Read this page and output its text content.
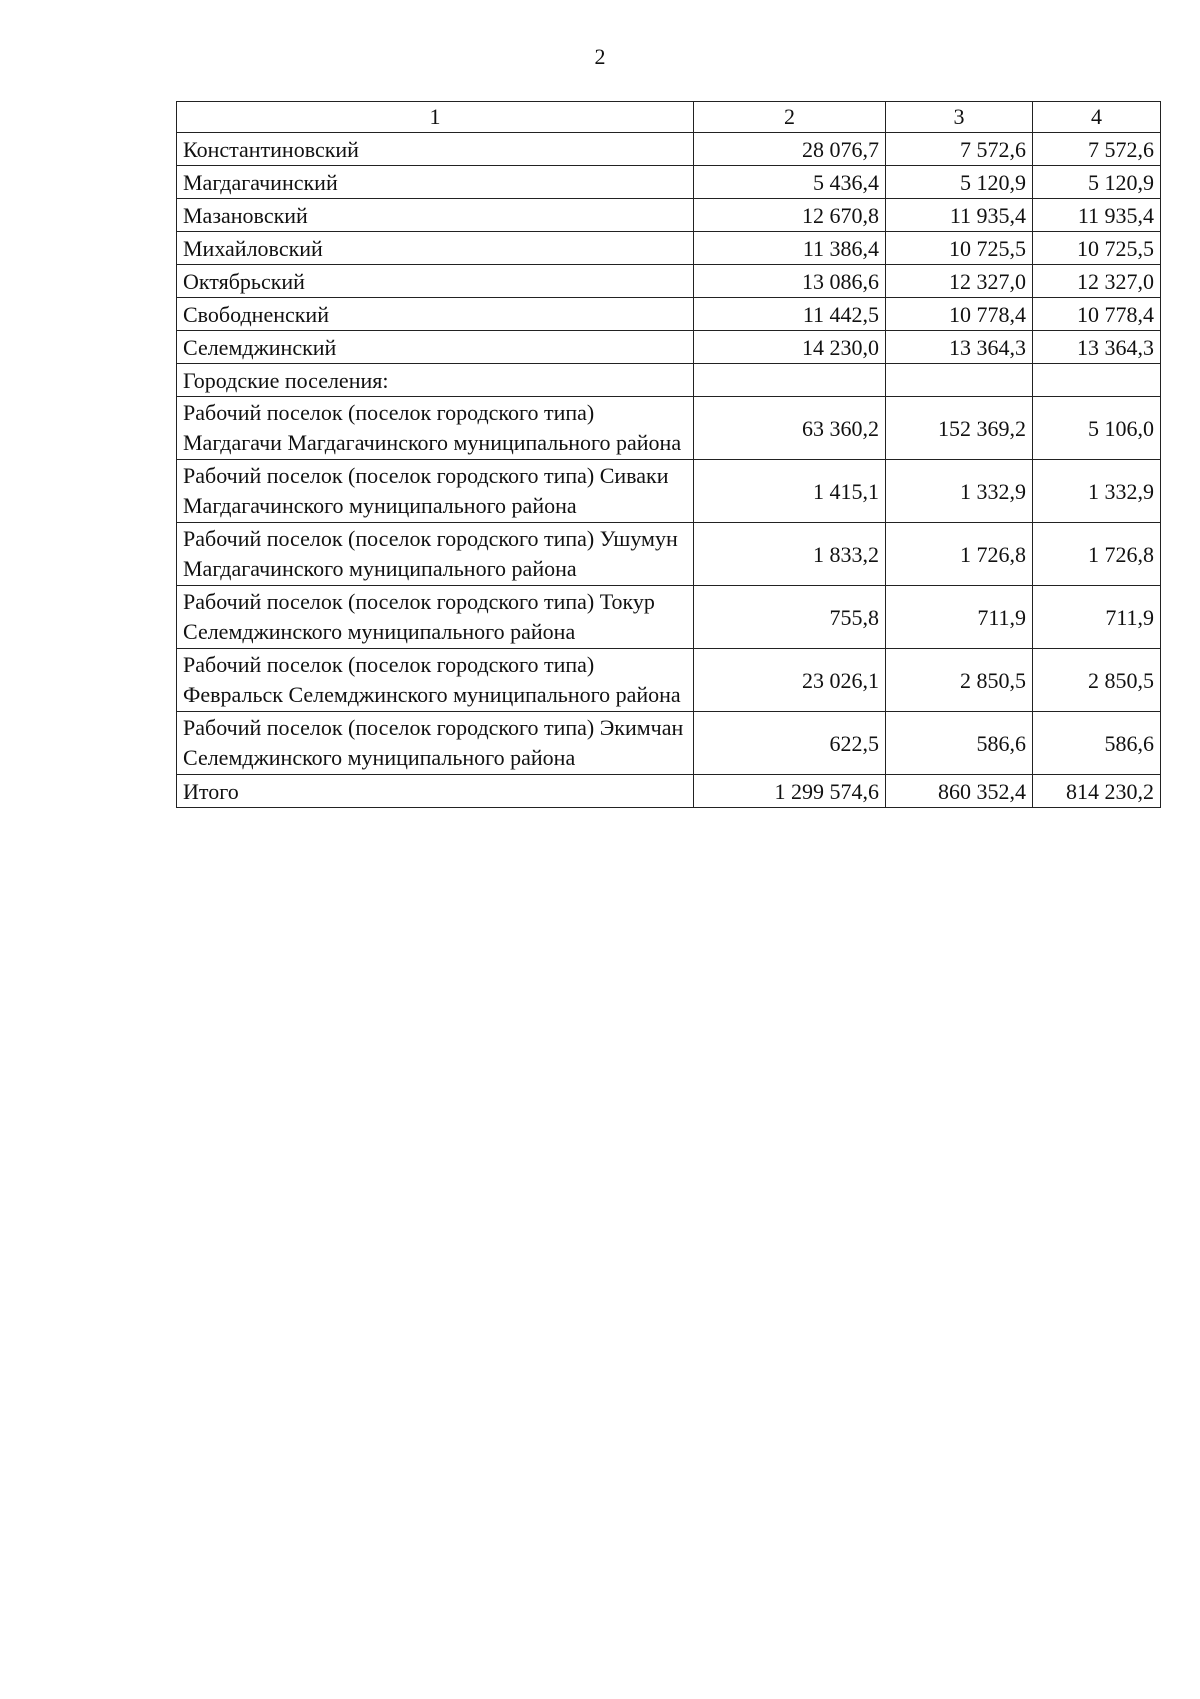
2
1	2	3	4
Константиновский	28 076,7	7 572,6	7 572,6
Магдагачинский	5 436,4	5 120,9	5 120,9
Мазановский	12 670,8	11 935,4	11 935,4
Михайловский	11 386,4	10 725,5	10 725,5
Октябрьский	13 086,6	12 327,0	12 327,0
Свободненский	11 442,5	10 778,4	10 778,4
Селемджинский	14 230,0	13 364,3	13 364,3
Городские поселения:			
Рабочий поселок (поселок городского типа) Магдагачи Магдагачинского муниципального района	63 360,2	152 369,2	5 106,0
Рабочий поселок (поселок городского типа) Сиваки Магдагачинского муниципального района	1 415,1	1 332,9	1 332,9
Рабочий поселок (поселок городского типа) Ушумун Магдагачинского муниципального района	1 833,2	1 726,8	1 726,8
Рабочий поселок (поселок городского типа) Токур Селемджинского муниципального района	755,8	711,9	711,9
Рабочий поселок (поселок городского типа) Февральск Селемджинского муниципального района	23 026,1	2 850,5	2 850,5
Рабочий поселок (поселок городского типа) Экимчан Селемджинского муниципального района	622,5	586,6	586,6
Итого	1 299 574,6	860 352,4	814 230,2
